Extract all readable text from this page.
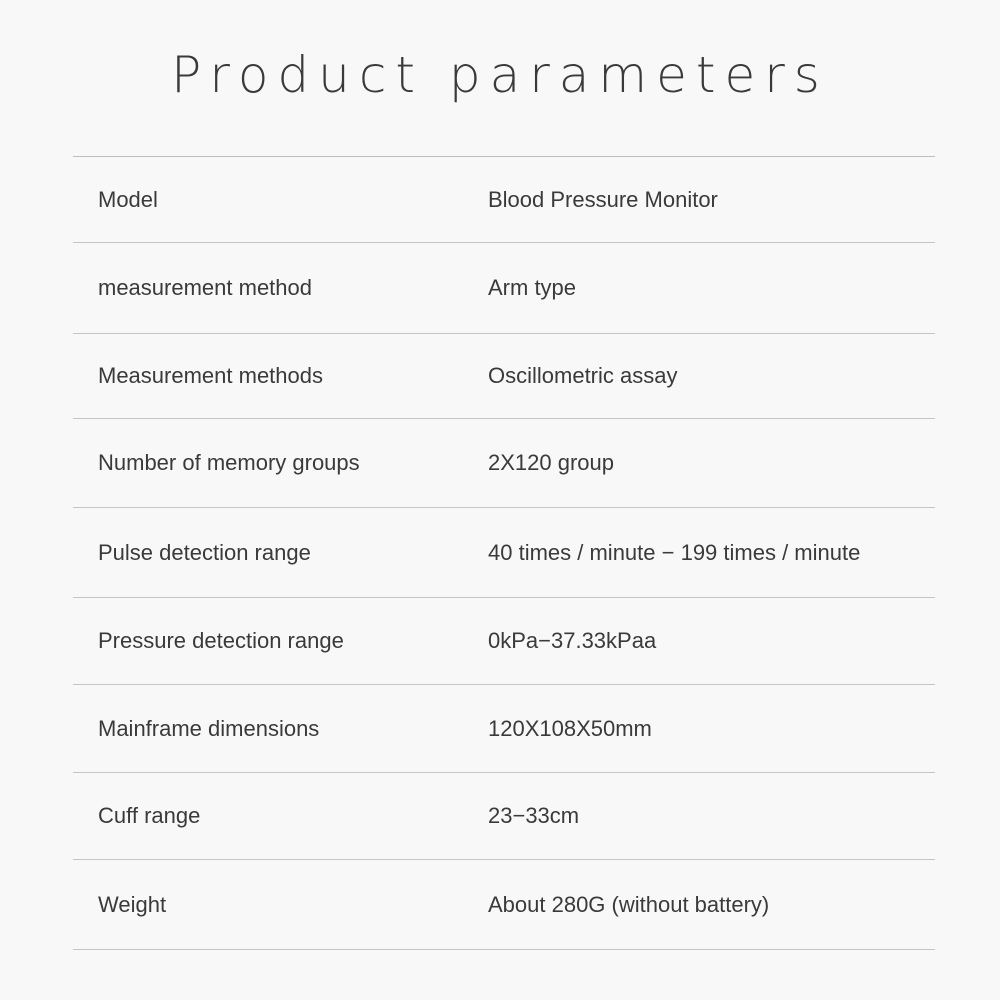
Product parameters
Model	Blood Pressure Monitor
measurement method	Arm type
Measurement methods	Oscillometric assay
Number of memory groups	2X120 group
Pulse detection range	40 times / minute − 199 times / minute
Pressure detection range	0kPa−37.33kPaa
Mainframe dimensions	120X108X50mm
Cuff range	23−33cm
Weight	About 280G (without battery)
